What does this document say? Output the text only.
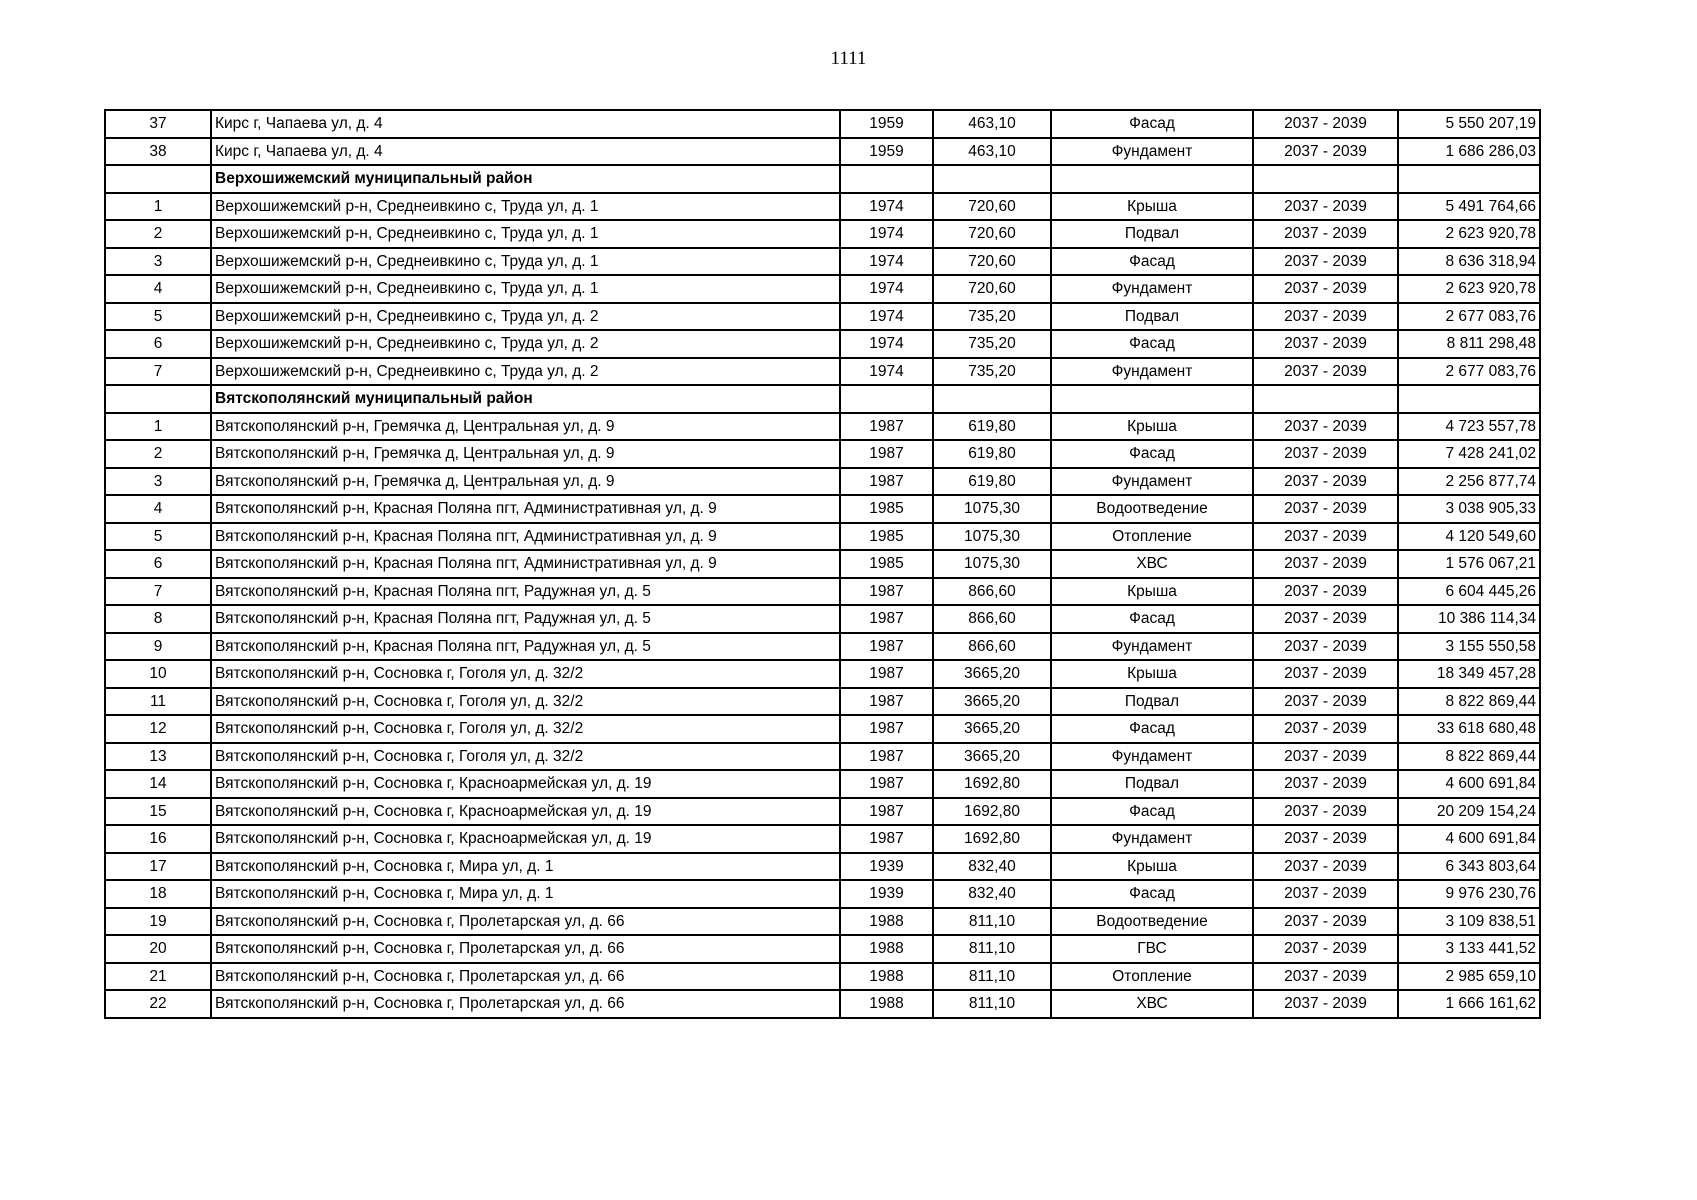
1111
37	Кирс г, Чапаева ул, д. 4	1959	463,10	Фасад	2037 - 2039	5 550 207,19
38	Кирс г, Чапаева ул, д. 4	1959	463,10	Фундамент	2037 - 2039	1 686 286,03
	Верхошижемский муниципальный район					
1	Верхошижемский р-н, Среднеивкино с, Труда ул, д. 1	1974	720,60	Крыша	2037 - 2039	5 491 764,66
2	Верхошижемский р-н, Среднеивкино с, Труда ул, д. 1	1974	720,60	Подвал	2037 - 2039	2 623 920,78
3	Верхошижемский р-н, Среднеивкино с, Труда ул, д. 1	1974	720,60	Фасад	2037 - 2039	8 636 318,94
4	Верхошижемский р-н, Среднеивкино с, Труда ул, д. 1	1974	720,60	Фундамент	2037 - 2039	2 623 920,78
5	Верхошижемский р-н, Среднеивкино с, Труда ул, д. 2	1974	735,20	Подвал	2037 - 2039	2 677 083,76
6	Верхошижемский р-н, Среднеивкино с, Труда ул, д. 2	1974	735,20	Фасад	2037 - 2039	8 811 298,48
7	Верхошижемский р-н, Среднеивкино с, Труда ул, д. 2	1974	735,20	Фундамент	2037 - 2039	2 677 083,76
	Вятскополянский муниципальный район					
1	Вятскополянский р-н, Гремячка д, Центральная ул, д. 9	1987	619,80	Крыша	2037 - 2039	4 723 557,78
2	Вятскополянский р-н, Гремячка д, Центральная ул, д. 9	1987	619,80	Фасад	2037 - 2039	7 428 241,02
3	Вятскополянский р-н, Гремячка д, Центральная ул, д. 9	1987	619,80	Фундамент	2037 - 2039	2 256 877,74
4	Вятскополянский р-н, Красная Поляна пгт, Административная ул, д. 9	1985	1075,30	Водоотведение	2037 - 2039	3 038 905,33
5	Вятскополянский р-н, Красная Поляна пгт, Административная ул, д. 9	1985	1075,30	Отопление	2037 - 2039	4 120 549,60
6	Вятскополянский р-н, Красная Поляна пгт, Административная ул, д. 9	1985	1075,30	ХВС	2037 - 2039	1 576 067,21
7	Вятскополянский р-н, Красная Поляна пгт, Радужная ул, д. 5	1987	866,60	Крыша	2037 - 2039	6 604 445,26
8	Вятскополянский р-н, Красная Поляна пгт, Радужная ул, д. 5	1987	866,60	Фасад	2037 - 2039	10 386 114,34
9	Вятскополянский р-н, Красная Поляна пгт, Радужная ул, д. 5	1987	866,60	Фундамент	2037 - 2039	3 155 550,58
10	Вятскополянский р-н, Сосновка г, Гоголя ул, д. 32/2	1987	3665,20	Крыша	2037 - 2039	18 349 457,28
11	Вятскополянский р-н, Сосновка г, Гоголя ул, д. 32/2	1987	3665,20	Подвал	2037 - 2039	8 822 869,44
12	Вятскополянский р-н, Сосновка г, Гоголя ул, д. 32/2	1987	3665,20	Фасад	2037 - 2039	33 618 680,48
13	Вятскополянский р-н, Сосновка г, Гоголя ул, д. 32/2	1987	3665,20	Фундамент	2037 - 2039	8 822 869,44
14	Вятскополянский р-н, Сосновка г, Красноармейская ул, д. 19	1987	1692,80	Подвал	2037 - 2039	4 600 691,84
15	Вятскополянский р-н, Сосновка г, Красноармейская ул, д. 19	1987	1692,80	Фасад	2037 - 2039	20 209 154,24
16	Вятскополянский р-н, Сосновка г, Красноармейская ул, д. 19	1987	1692,80	Фундамент	2037 - 2039	4 600 691,84
17	Вятскополянский р-н, Сосновка г, Мира ул, д. 1	1939	832,40	Крыша	2037 - 2039	6 343 803,64
18	Вятскополянский р-н, Сосновка г, Мира ул, д. 1	1939	832,40	Фасад	2037 - 2039	9 976 230,76
19	Вятскополянский р-н, Сосновка г, Пролетарская ул, д. 66	1988	811,10	Водоотведение	2037 - 2039	3 109 838,51
20	Вятскополянский р-н, Сосновка г, Пролетарская ул, д. 66	1988	811,10	ГВС	2037 - 2039	3 133 441,52
21	Вятскополянский р-н, Сосновка г, Пролетарская ул, д. 66	1988	811,10	Отопление	2037 - 2039	2 985 659,10
22	Вятскополянский р-н, Сосновка г, Пролетарская ул, д. 66	1988	811,10	ХВС	2037 - 2039	1 666 161,62
